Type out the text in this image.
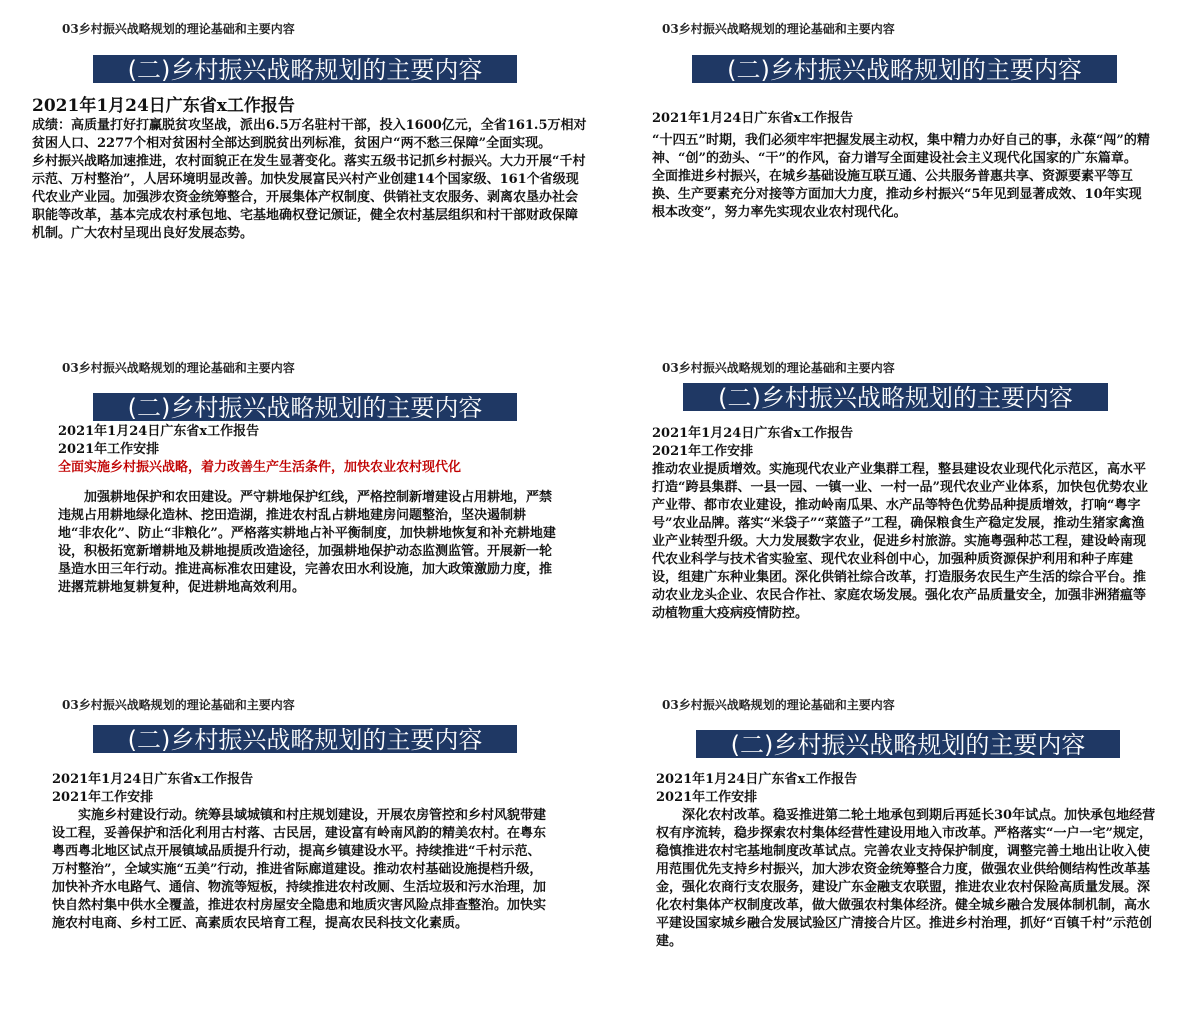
03乡村振兴战略规划的理论基础和主要内容
(二)乡村振兴战略规划的主要内容

2021年1月24日广东省x工作报告

成绩：高质量打好打赢脱贫攻坚战，派出6.5万名驻村干部，投入1600亿元，全省161.5万相对贫困人口、2277个相对贫困村全部达到脱贫出列标准，贫困户“两不愁三保障”全面实现。

乡村振兴战略加速推进，农村面貌正在发生显著变化。落实五级书记抓乡村振兴。大力开展“千村示范、万村整治”，人居环境明显改善。加快发展富民兴村产业创建14个国家级、161个省级现代农业产业园。加强涉农资金统筹整合，开展集体产权制度、供销社支农服务、剥离农垦办社会职能等改革，基本完成农村承包地、宅基地确权登记颁证，健全农村基层组织和村干部财政保障机制。广大农村呈现出良好发展态势。

03乡村振兴战略规划的理论基础和主要内容
(二)乡村振兴战略规划的主要内容

2021年1月24日广东省x工作报告

“十四五”时期，我们必须牢牢把握发展主动权，集中精力办好自己的事，永葆“闯”的精神、“创”的劲头、“干”的作风，奋力谱写全面建设社会主义现代化国家的广东篇章。

全面推进乡村振兴，在城乡基础设施互联互通、公共服务普惠共享、资源要素平等互换、生产要素充分对接等方面加大力度，推动乡村振兴“5年见到显著成效、10年实现根本改变”，努力率先实现农业农村现代化。

03乡村振兴战略规划的理论基础和主要内容
(二)乡村振兴战略规划的主要内容

2021年1月24日广东省x工作报告

2021年工作安排

全面实施乡村振兴战略，着力改善生产生活条件，加快农业农村现代化

加强耕地保护和农田建设。严守耕地保护红线，严格控制新增建设占用耕地，严禁违规占用耕地绿化造林、挖田造湖，推进农村乱占耕地建房问题整治，坚决遏制耕地“非农化”、防止“非粮化”。严格落实耕地占补平衡制度，加快耕地恢复和补充耕地建设，积极拓宽新增耕地及耕地提质改造途径，加强耕地保护动态监测监管。开展新一轮垦造水田三年行动。推进高标准农田建设，完善农田水利设施，加大政策激励力度，推进撂荒耕地复耕复种，促进耕地高效利用。

03乡村振兴战略规划的理论基础和主要内容
(二)乡村振兴战略规划的主要内容

2021年1月24日广东省x工作报告

2021年工作安排

推动农业提质增效。实施现代农业产业集群工程，整县建设农业现代化示范区，高水平打造“跨县集群、一县一园、一镇一业、一村一品”现代农业产业体系，加快包优势农业产业带、都市农业建设，推动岭南瓜果、水产品等特色优势品种提质增效，打响“粤字号”农业品牌。落实“米袋子”“菜篮子”工程，确保粮食生产稳定发展，推动生猪家禽渔业产业转型升级。大力发展数字农业，促进乡村旅游。实施粤强种芯工程，建设岭南现代农业科学与技术省实验室、现代农业科创中心，加强种质资源保护利用和种子库建设，组建广东种业集团。深化供销社综合改革，打造服务农民生产生活的综合平台。推动农业龙头企业、农民合作社、家庭农场发展。强化农产品质量安全，加强非洲猪瘟等动植物重大疫病疫情防控。

03乡村振兴战略规划的理论基础和主要内容
(二)乡村振兴战略规划的主要内容

2021年1月24日广东省x工作报告

2021年工作安排

实施乡村建设行动。统筹县域城镇和村庄规划建设，开展农房管控和乡村风貌带建设工程，妥善保护和活化利用古村落、古民居，建设富有岭南风韵的精美农村。在粤东粤西粤北地区试点开展镇域品质提升行动，提高乡镇建设水平。持续推进“千村示范、万村整治”，全域实施“五美”行动，推进省际廊道建设。推动农村基础设施提档升级，加快补齐水电路气、通信、物流等短板，持续推进农村改厕、生活垃圾和污水治理，加快自然村集中供水全覆盖，推进农村房屋安全隐患和地质灾害风险点排查整治。加快实施农村电商、乡村工匠、高素质农民培育工程，提高农民科技文化素质。

03乡村振兴战略规划的理论基础和主要内容
(二)乡村振兴战略规划的主要内容

2021年1月24日广东省x工作报告

2021年工作安排

深化农村改革。稳妥推进第二轮土地承包到期后再延长30年试点。加快承包地经营权有序流转，稳步探索农村集体经营性建设用地入市改革。严格落实“一户一宅”规定，稳慎推进农村宅基地制度改革试点。完善农业支持保护制度，调整完善土地出让收入使用范围优先支持乡村振兴，加大涉农资金统筹整合力度，做强农业供给侧结构性改革基金，强化农商行支农服务，建设广东金融支农联盟，推进农业农村保险高质量发展。深化农村集体产权制度改革，做大做强农村集体经济。健全城乡融合发展体制机制，高水平建设国家城乡融合发展试验区广清接合片区。推进乡村治理，抓好“百镇千村”示范创建。
